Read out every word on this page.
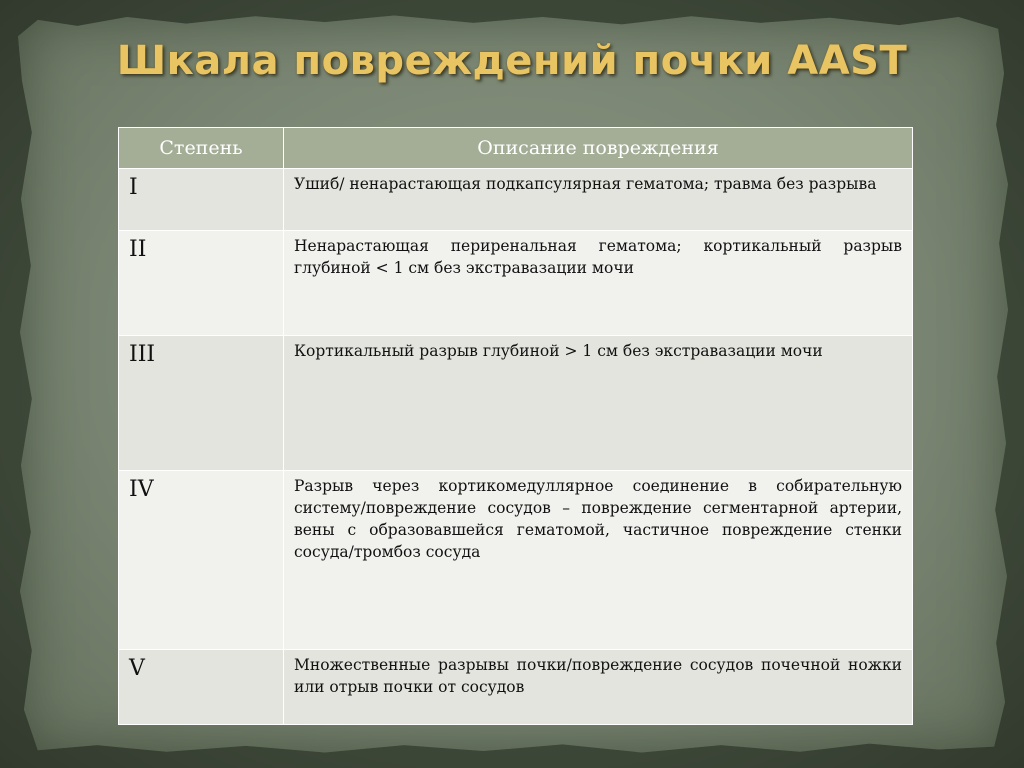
Шкала повреждений почки AAST
Степень	Описание повреждения
I	Ушиб/ ненарастающая подкапсулярная гематома; травма без разрыва
II	Ненарастающая периренальная гематома; кортикальный разрыв глубиной < 1 см без экстравазации мочи
III	Кортикальный разрыв глубиной > 1 см без экстравазации мочи
IV	Разрыв через кортикомедуллярное соединение в собирательную систему/повреждение сосудов – повреждение сегментарной артерии, вены с образовавшейся гематомой, частичное повреждение стенки сосуда/тромбоз сосуда
V	Множественные разрывы почки/повреждение сосудов почечной ножки или отрыв почки от сосудов
